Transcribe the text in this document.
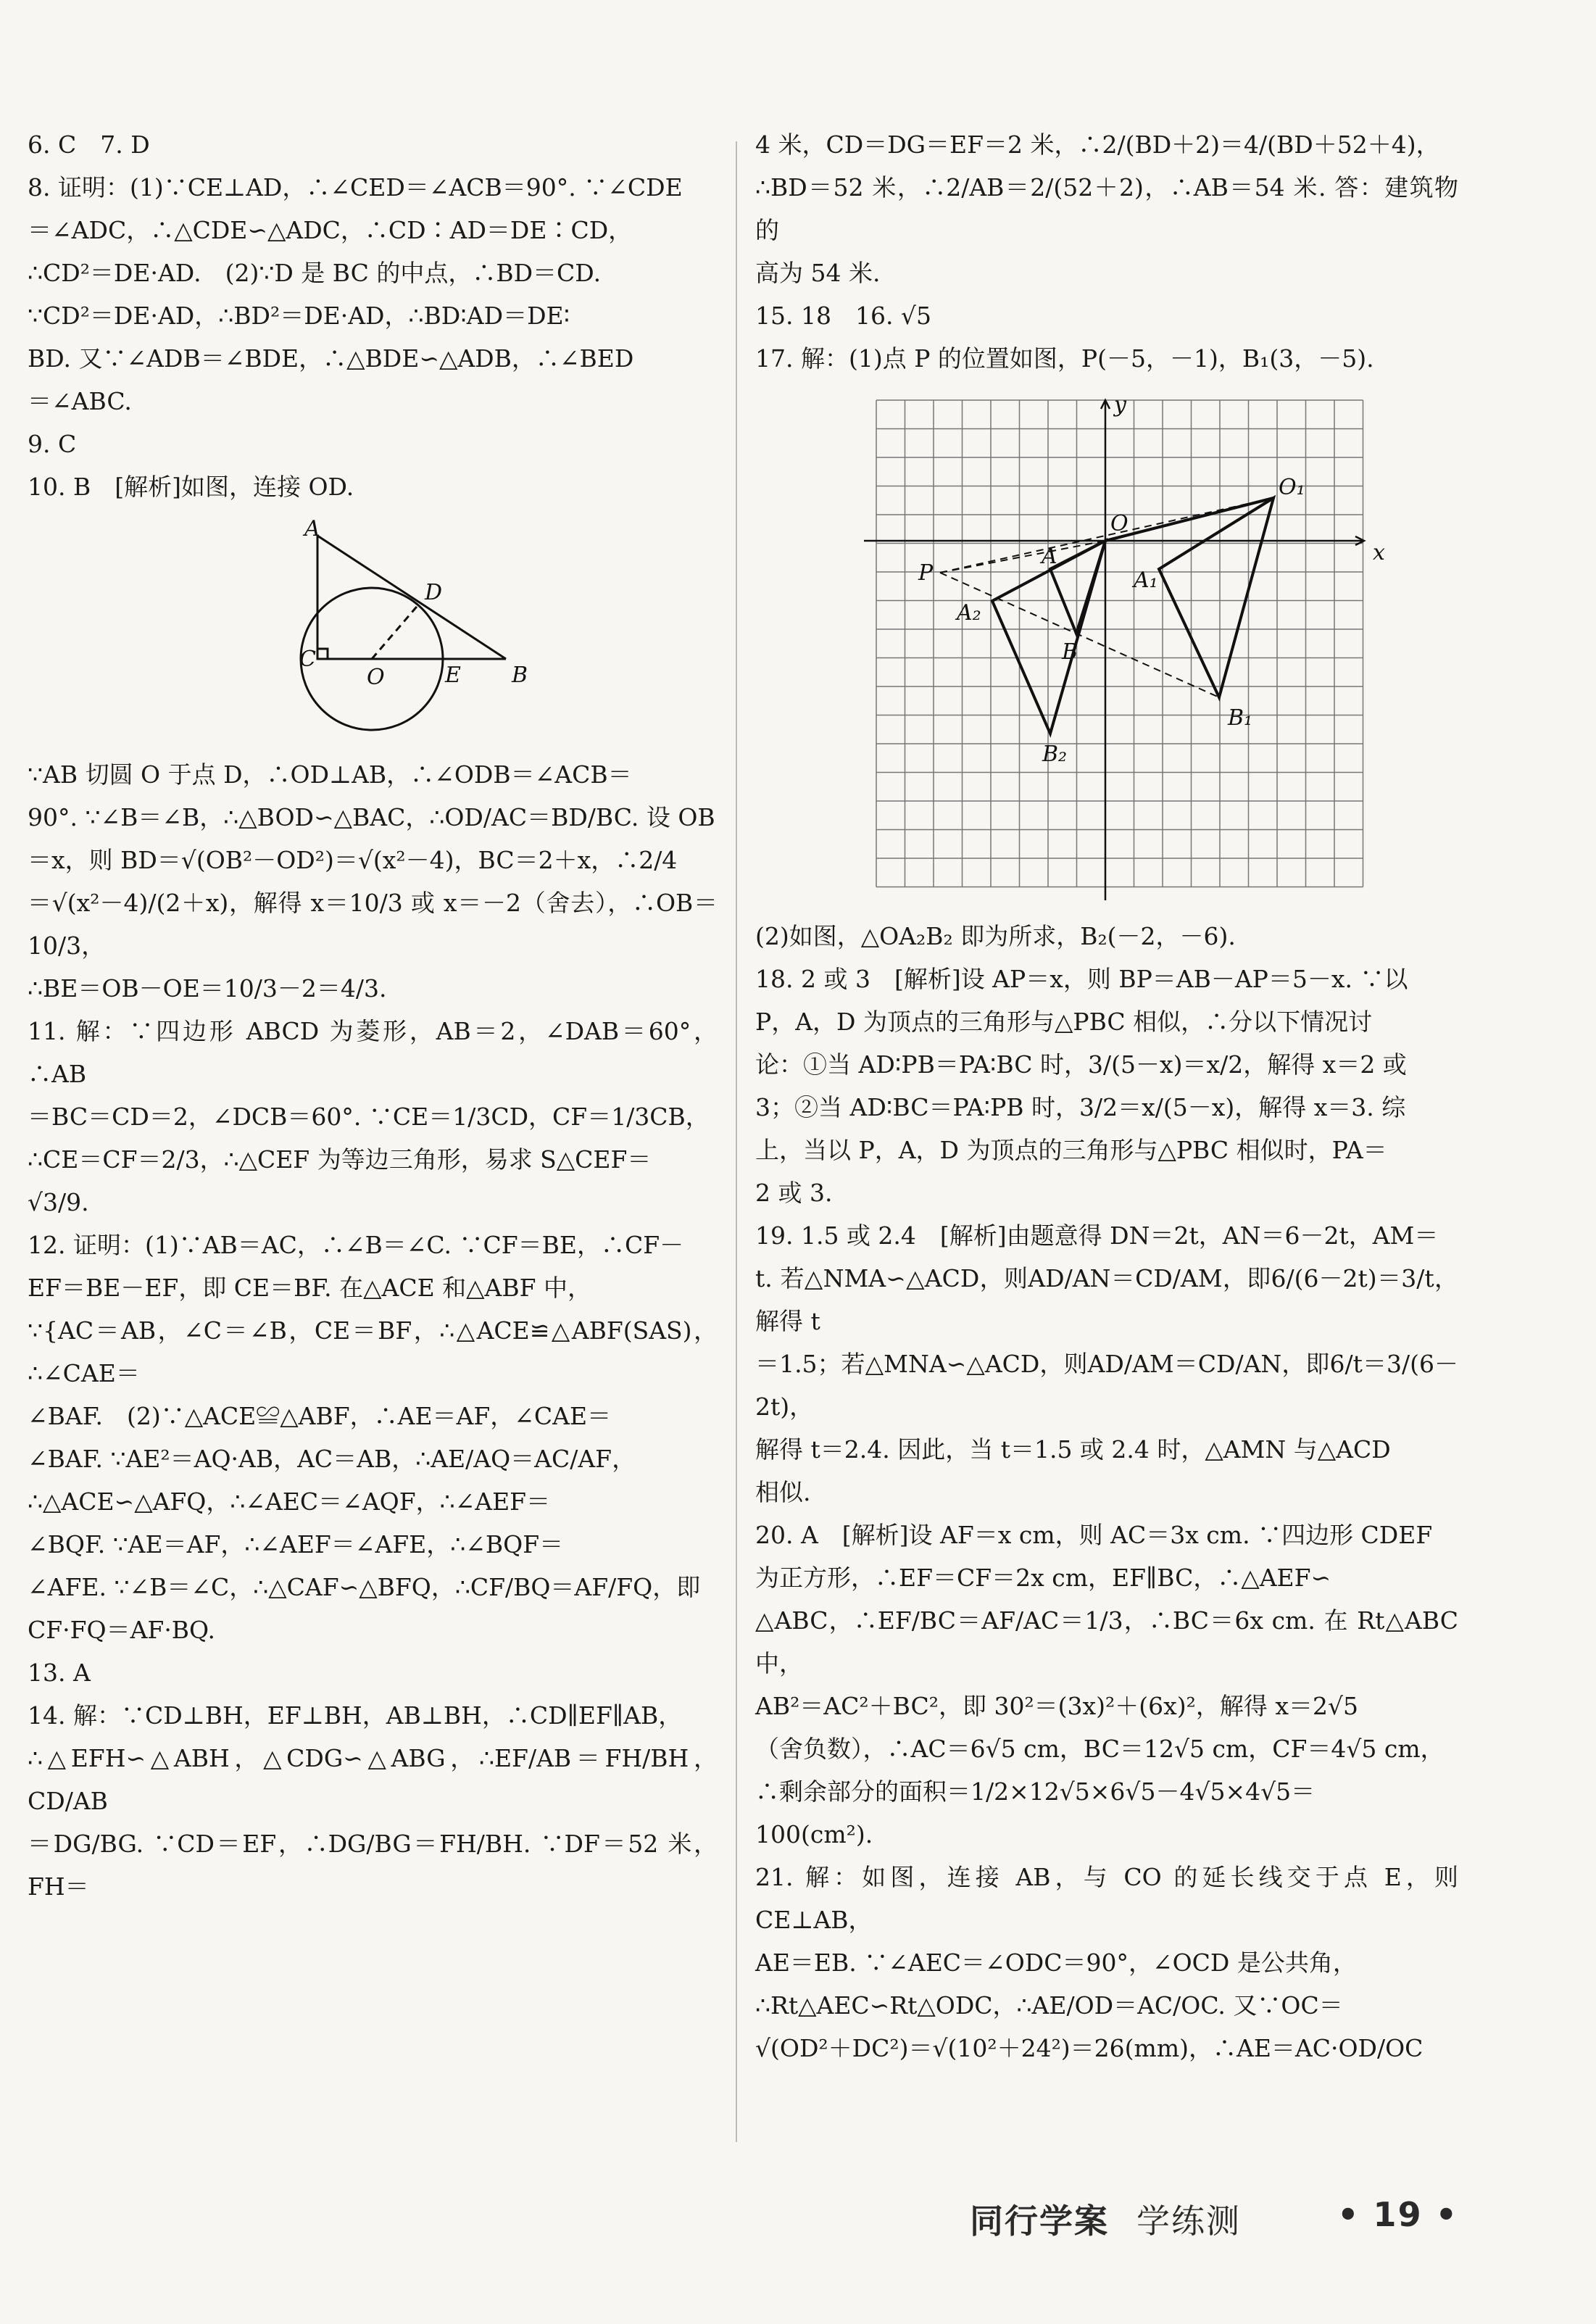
6. C　7. D

8. 证明：(1)∵CE⊥AD，∴∠CED＝∠ACB＝90°. ∵∠CDE

＝∠ADC，∴△CDE∽△ADC，∴CD∶AD＝DE∶CD，

∴CD²＝DE·AD.　(2)∵D 是 BC 的中点，∴BD＝CD.

∵CD²＝DE·AD，∴BD²＝DE·AD，∴BD∶AD＝DE∶

BD. 又∵∠ADB＝∠BDE，∴△BDE∽△ADB，∴∠BED

＝∠ABC.

9. C

10. B　[解析]如图，连接 OD.

A
C
O
D
E B

∵AB 切圆 O 于点 D，∴OD⊥AB，∴∠ODB＝∠ACB＝

90°. ∵∠B＝∠B，∴△BOD∽△BAC，∴OD/AC＝BD/BC. 设 OB

＝x，则 BD＝√(OB²－OD²)＝√(x²－4)，BC＝2＋x，∴2/4

＝√(x²－4)/(2＋x)，解得 x＝10/3 或 x＝－2（舍去），∴OB＝10/3，

∴BE＝OB－OE＝10/3－2＝4/3.

11. 解：∵四边形 ABCD 为菱形，AB＝2，∠DAB＝60°，∴AB

＝BC＝CD＝2，∠DCB＝60°. ∵CE＝1/3CD，CF＝1/3CB，

∴CE＝CF＝2/3，∴△CEF 为等边三角形，易求 S△CEF＝

√3/9.

12. 证明：(1)∵AB＝AC，∴∠B＝∠C. ∵CF＝BE，∴CF－

EF＝BE－EF，即 CE＝BF. 在△ACE 和△ABF 中，

∵{AC＝AB，∠C＝∠B，CE＝BF，∴△ACE≌△ABF(SAS)，∴∠CAE＝

∠BAF.　(2)∵△ACE≌△ABF，∴AE＝AF，∠CAE＝

∠BAF. ∵AE²＝AQ·AB，AC＝AB，∴AE/AQ＝AC/AF，

∴△ACE∽△AFQ，∴∠AEC＝∠AQF，∴∠AEF＝

∠BQF. ∵AE＝AF，∴∠AEF＝∠AFE，∴∠BQF＝

∠AFE. ∵∠B＝∠C，∴△CAF∽△BFQ，∴CF/BQ＝AF/FQ，即

CF·FQ＝AF·BQ.

13. A

14. 解：∵CD⊥BH，EF⊥BH，AB⊥BH，∴CD∥EF∥AB，

∴△EFH∽△ABH，△CDG∽△ABG，∴EF/AB＝FH/BH，CD/AB

＝DG/BG. ∵CD＝EF，∴DG/BG＝FH/BH. ∵DF＝52 米，FH＝

4 米，CD＝DG＝EF＝2 米，∴2/(BD＋2)＝4/(BD＋52＋4)，

∴BD＝52 米，∴2/AB＝2/(52＋2)，∴AB＝54 米. 答：建筑物的

高为 54 米.

15. 18　16. √5

17. 解：(1)点 P 的位置如图，P(－5，－1)，B₁(3，－5).

x
y
O
O₁
A
A₁
A₂
B
B₁
B₂
P

(2)如图，△OA₂B₂ 即为所求，B₂(－2，－6).

18. 2 或 3　[解析]设 AP＝x，则 BP＝AB－AP＝5－x. ∵以

P，A，D 为顶点的三角形与△PBC 相似，∴分以下情况讨

论：①当 AD∶PB＝PA∶BC 时，3/(5－x)＝x/2，解得 x＝2 或

3；②当 AD∶BC＝PA∶PB 时，3/2＝x/(5－x)，解得 x＝3. 综

上，当以 P，A，D 为顶点的三角形与△PBC 相似时，PA＝

2 或 3.

19. 1.5 或 2.4　[解析]由题意得 DN＝2t，AN＝6－2t，AM＝

t. 若△NMA∽△ACD，则AD/AN＝CD/AM，即6/(6－2t)＝3/t，解得 t

＝1.5；若△MNA∽△ACD，则AD/AM＝CD/AN，即6/t＝3/(6－2t)，

解得 t＝2.4. 因此，当 t＝1.5 或 2.4 时，△AMN 与△ACD

相似.

20. A　[解析]设 AF＝x cm，则 AC＝3x cm. ∵四边形 CDEF

为正方形，∴EF＝CF＝2x cm，EF∥BC，∴△AEF∽

△ABC，∴EF/BC＝AF/AC＝1/3，∴BC＝6x cm. 在 Rt△ABC 中，

AB²＝AC²＋BC²，即 30²＝(3x)²＋(6x)²，解得 x＝2√5

（舍负数），∴AC＝6√5 cm，BC＝12√5 cm，CF＝4√5 cm，

∴剩余部分的面积＝1/2×12√5×6√5－4√5×4√5＝

100(cm²).

21. 解：如图，连接 AB，与 CO 的延长线交于点 E，则 CE⊥AB，

AE＝EB. ∵∠AEC＝∠ODC＝90°，∠OCD 是公共角，

∴Rt△AEC∽Rt△ODC，∴AE/OD＝AC/OC. 又∵OC＝

√(OD²＋DC²)＝√(10²＋24²)＝26(mm)，∴AE＝AC·OD/OC

同行学案 学练测	• 19 •
